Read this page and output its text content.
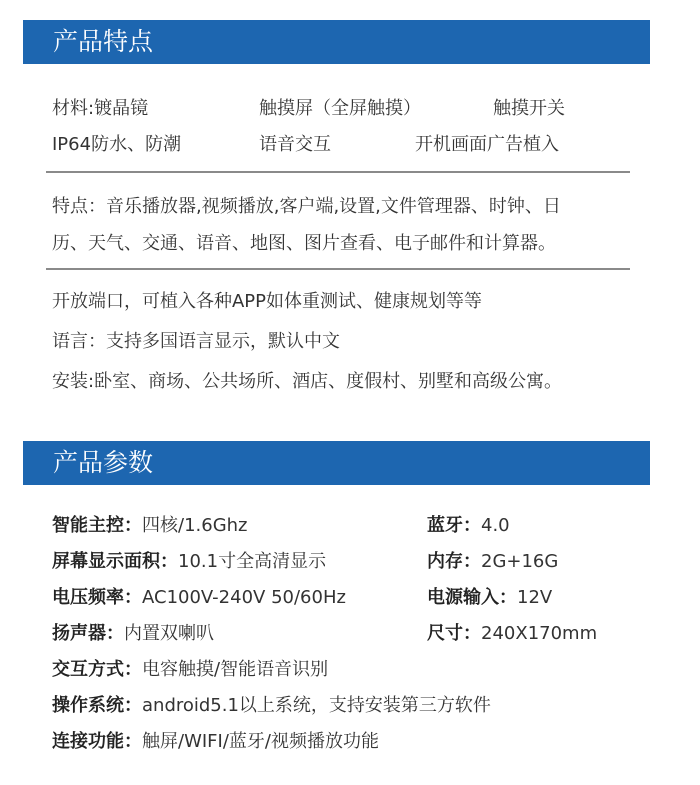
产品特点
材料:镀晶镜	触摸屏（全屏触摸）	触摸开关
IP64防水、防潮	语音交互	开机画面广告植入
特点：音乐播放器,视频播放,客户端,设置,文件管理器、时钟、日
历、天气、交通、语音、地图、图片查看、电子邮件和计算器。
开放端口，可植入各种APP如体重测试、健康规划等等
语言：支持多国语言显示，默认中文
安装:卧室、商场、公共场所、酒店、度假村、别墅和高级公寓。
产品参数
智能主控：四核/1.6Ghz	蓝牙：4.0
屏幕显示面积：10.1寸全高清显示	内存：2G+16G
电压频率：AC100V-240V 50/60Hz	电源输入：12V
扬声器：内置双喇叭	尺寸：240X170mm
交互方式：电容触摸/智能语音识别
操作系统：android5.1以上系统，支持安装第三方软件
连接功能：触屏/WIFI/蓝牙/视频播放功能
